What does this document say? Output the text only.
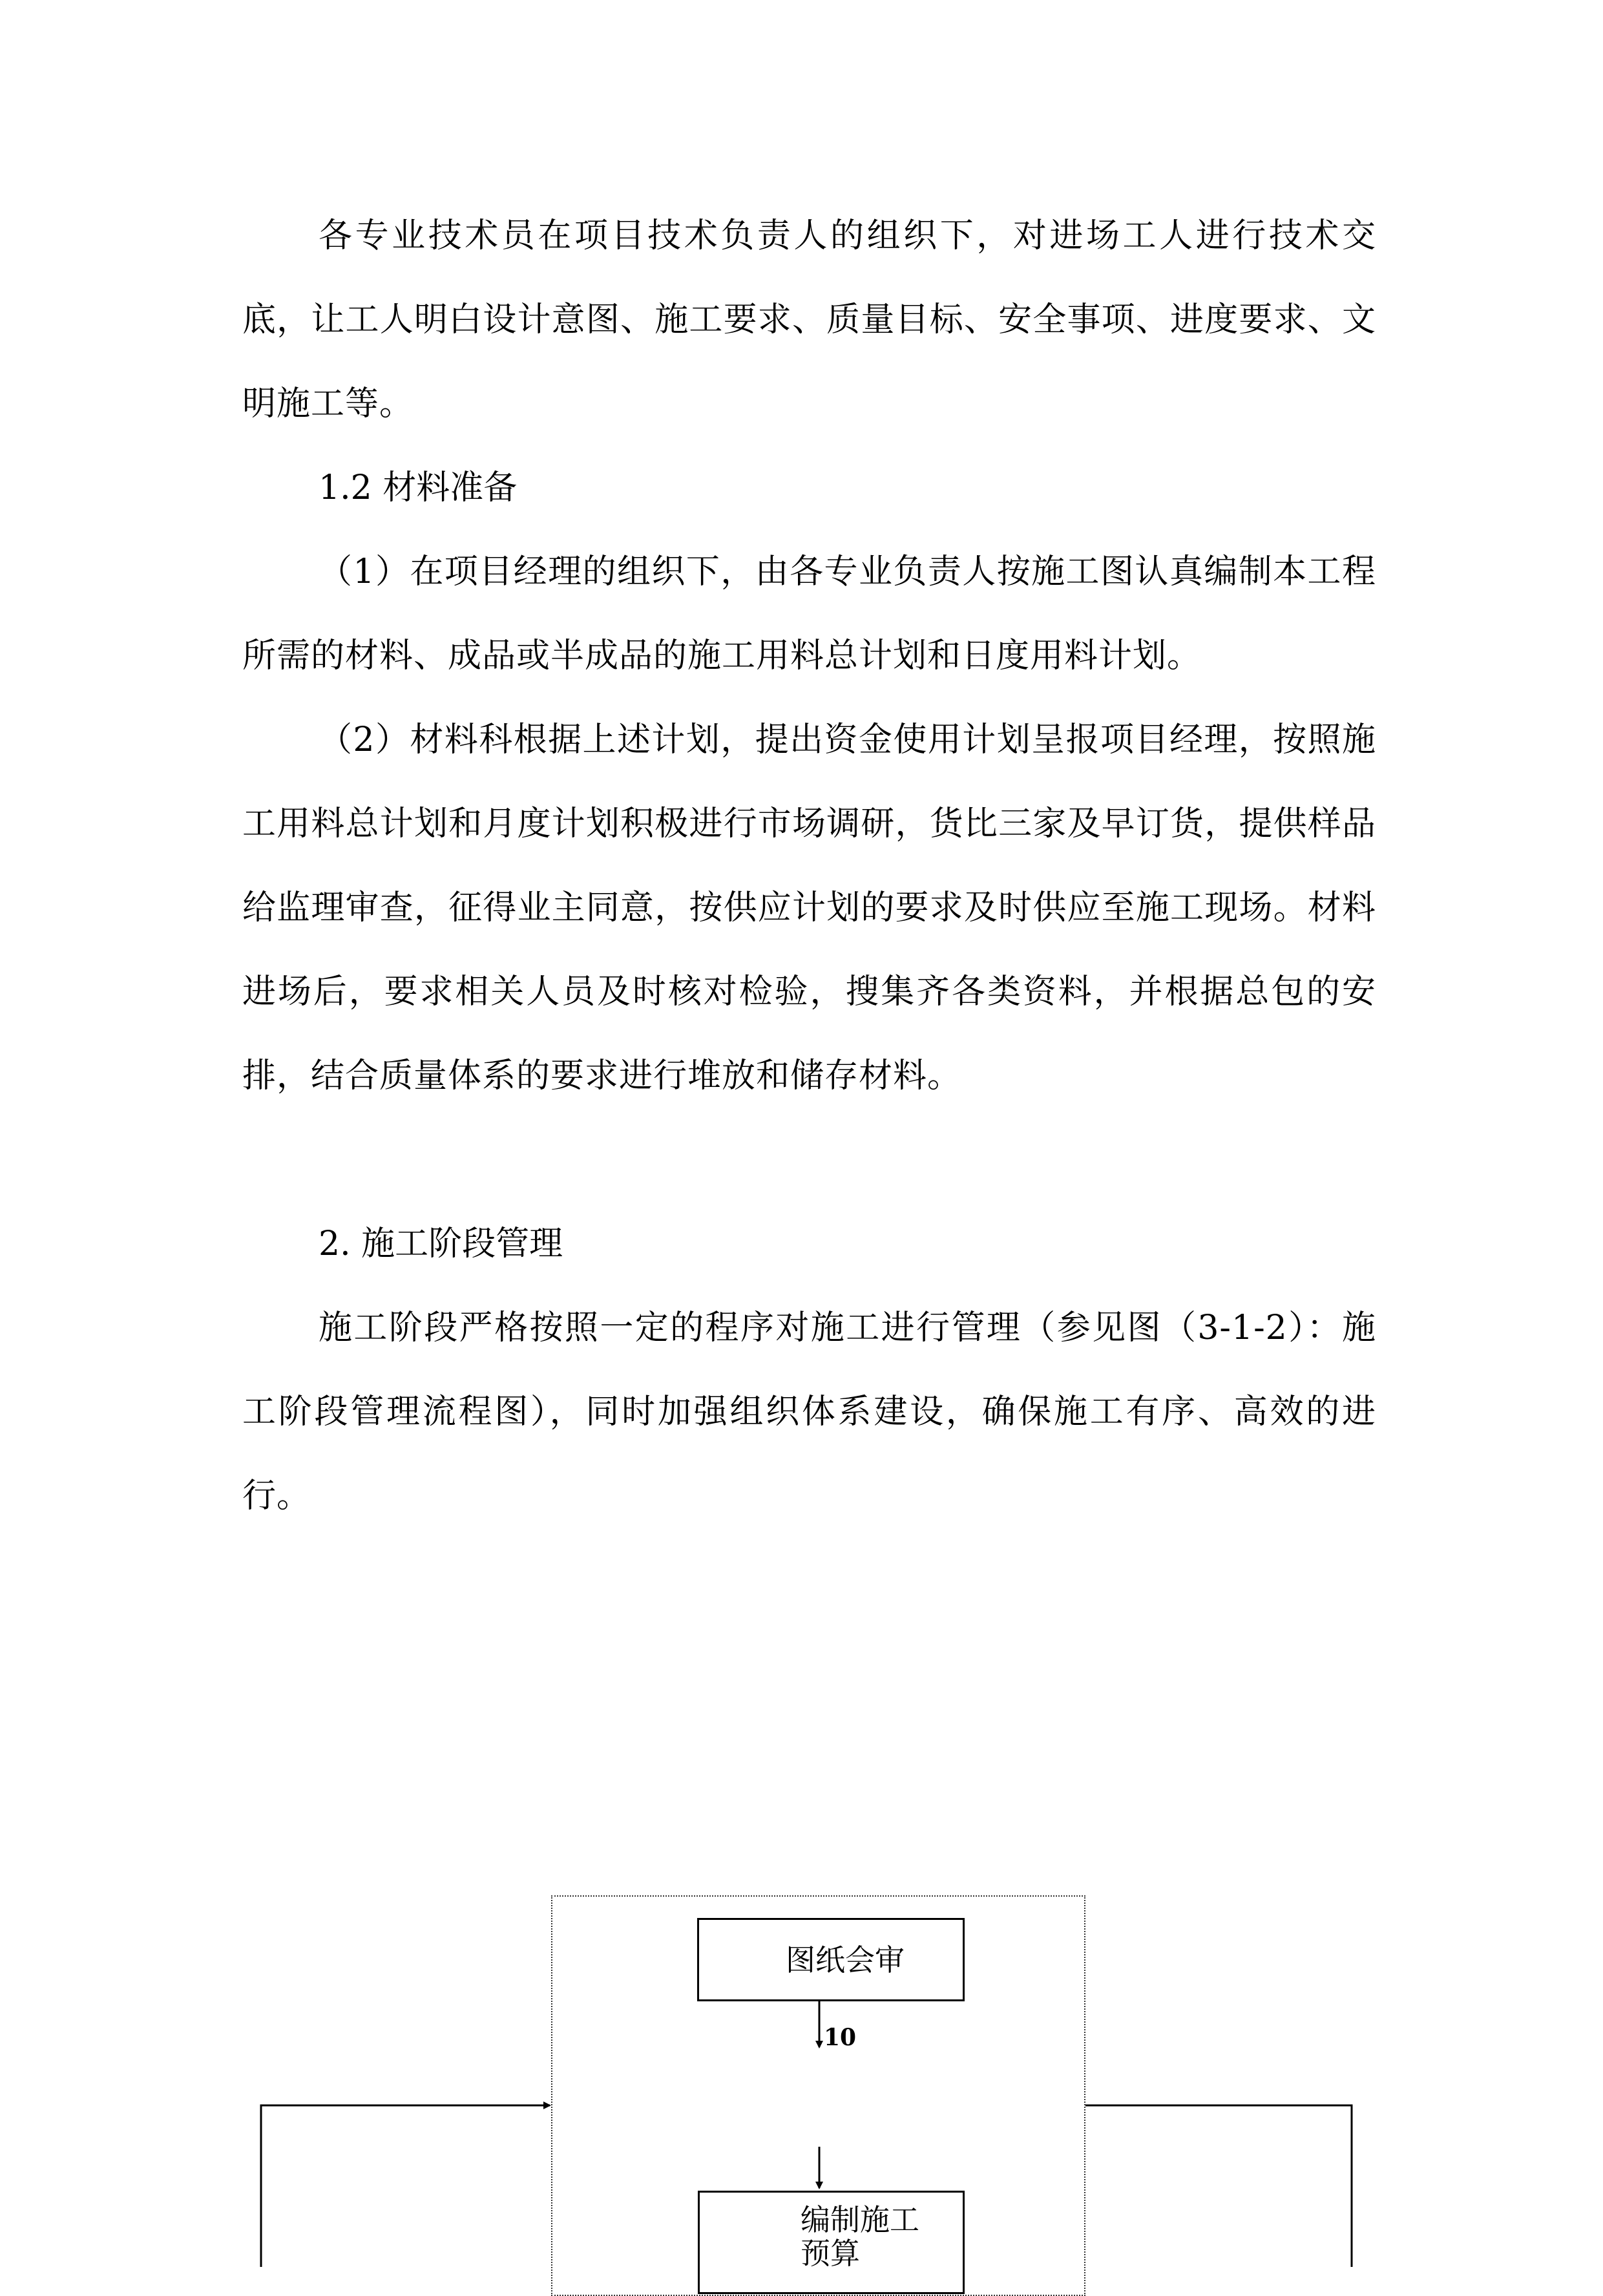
各专业技术员在项目技术负责人的组织下，对进场工人进行技术交底，让工人明白设计意图、施工要求、质量目标、安全事项、进度要求、文明施工等。

1.2 材料准备

（1）在项目经理的组织下，由各专业负责人按施工图认真编制本工程所需的材料、成品或半成品的施工用料总计划和日度用料计划。

（2）材料科根据上述计划，提出资金使用计划呈报项目经理，按照施工用料总计划和月度计划积极进行市场调研，货比三家及早订货，提供样品给监理审查，征得业主同意，按供应计划的要求及时供应至施工现场。材料进场后，要求相关人员及时核对检验，搜集齐各类资料，并根据总包的安排，结合质量体系的要求进行堆放和储存材料。

2. 施工阶段管理

施工阶段严格按照一定的程序对施工进行管理（参见图（3-1-2）：施工阶段管理流程图），同时加强组织体系建设，确保施工有序、高效的进行。

图纸会审
10
编制施工
预算
